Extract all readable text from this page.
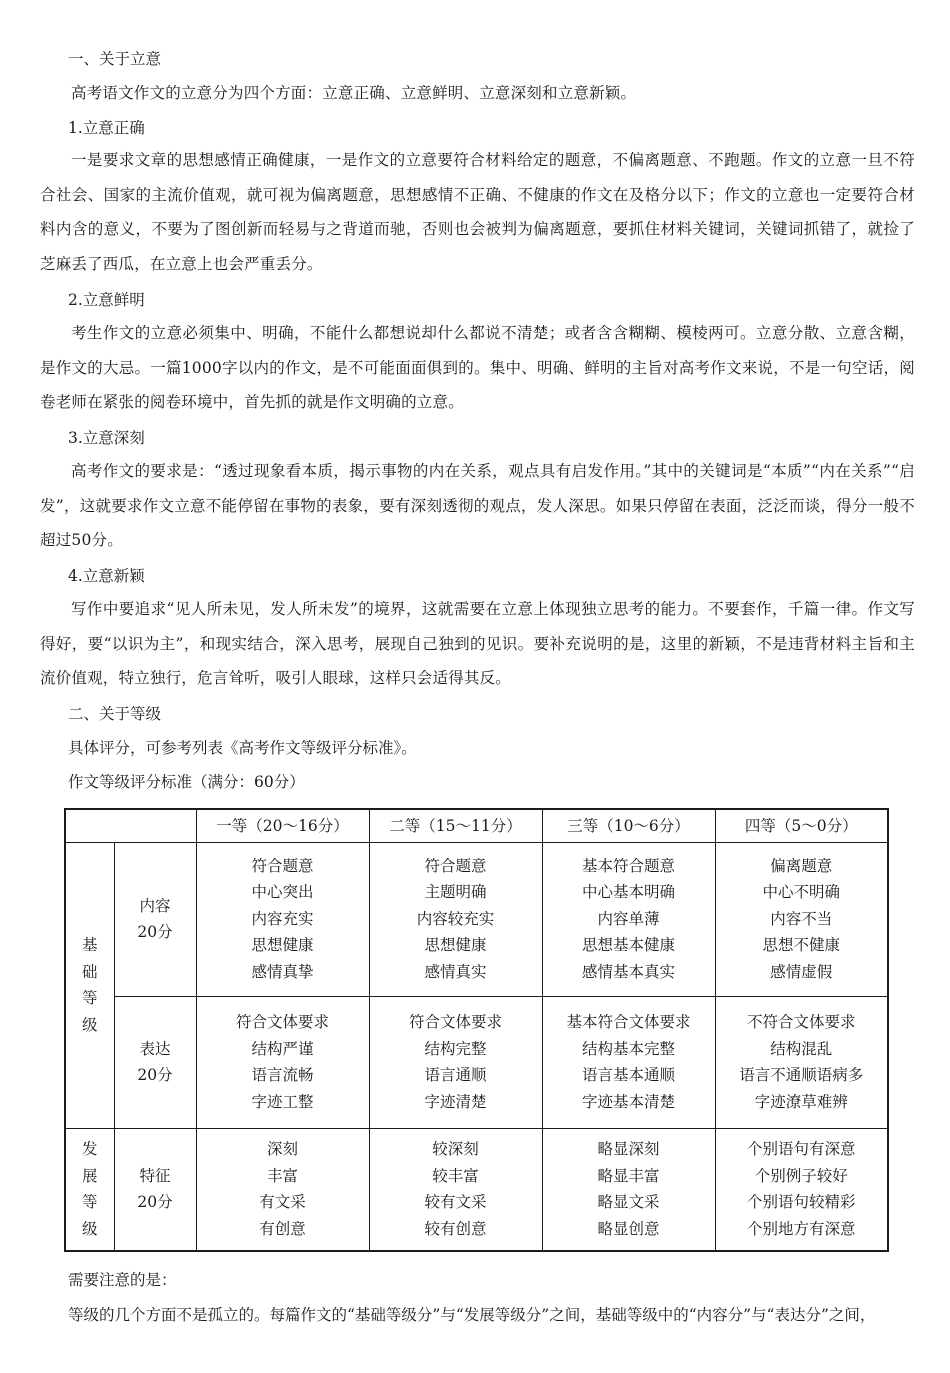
一、关于立意
高考语文作文的立意分为四个方面：立意正确、立意鲜明、立意深刻和立意新颖。
1.立意正确
一是要求文章的思想感情正确健康，一是作文的立意要符合材料给定的题意，不偏离题意、不跑题。作文的立意一旦不符合社会、国家的主流价值观，就可视为偏离题意，思想感情不正确、不健康的作文在及格分以下；作文的立意也一定要符合材料内含的意义，不要为了图创新而轻易与之背道而驰，否则也会被判为偏离题意，要抓住材料关键词，关键词抓错了，就捡了芝麻丢了西瓜，在立意上也会严重丢分。
2.立意鲜明
考生作文的立意必须集中、明确，不能什么都想说却什么都说不清楚；或者含含糊糊、模棱两可。立意分散、立意含糊，是作文的大忌。一篇1000字以内的作文，是不可能面面俱到的。集中、明确、鲜明的主旨对高考作文来说，不是一句空话，阅卷老师在紧张的阅卷环境中，首先抓的就是作文明确的立意。
3.立意深刻
高考作文的要求是：“透过现象看本质，揭示事物的内在关系，观点具有启发作用。”其中的关键词是“本质”“内在关系”“启发”，这就要求作文立意不能停留在事物的表象，要有深刻透彻的观点，发人深思。如果只停留在表面，泛泛而谈，得分一般不超过50分。
4.立意新颖
写作中要追求“见人所未见，发人所未发”的境界，这就需要在立意上体现独立思考的能力。不要套作，千篇一律。作文写得好，要“以识为主”，和现实结合，深入思考，展现自己独到的见识。要补充说明的是，这里的新颖，不是违背材料主旨和主流价值观，特立独行，危言耸听，吸引人眼球，这样只会适得其反。
二、关于等级
具体评分，可参考列表《高考作文等级评分标准》。
作文等级评分标准（满分：60分）
		一等（20～16分）	二等（15～11分）	三等（10～6分）	四等（5～0分）
基
础
等
级	内容
20分	符合题意
中心突出
内容充实
思想健康
感情真挚	符合题意
主题明确
内容较充实
思想健康
感情真实	基本符合题意
中心基本明确
内容单薄
思想基本健康
感情基本真实	偏离题意
中心不明确
内容不当
思想不健康
感情虚假
	表达
20分	符合文体要求
结构严谨
语言流畅
字迹工整	符合文体要求
结构完整
语言通顺
字迹清楚	基本符合文体要求
结构基本完整
语言基本通顺
字迹基本清楚	不符合文体要求
结构混乱
语言不通顺语病多
字迹潦草难辨
发
展
等
级	特征
20分	深刻
丰富
有文采
有创意	较深刻
较丰富
较有文采
较有创意	略显深刻
略显丰富
略显文采
略显创意	个别语句有深意
个别例子较好
个别语句较精彩
个别地方有深意
需要注意的是：
等级的几个方面不是孤立的。每篇作文的“基础等级分”与“发展等级分”之间，基础等级中的“内容分”与“表达分”之间，
